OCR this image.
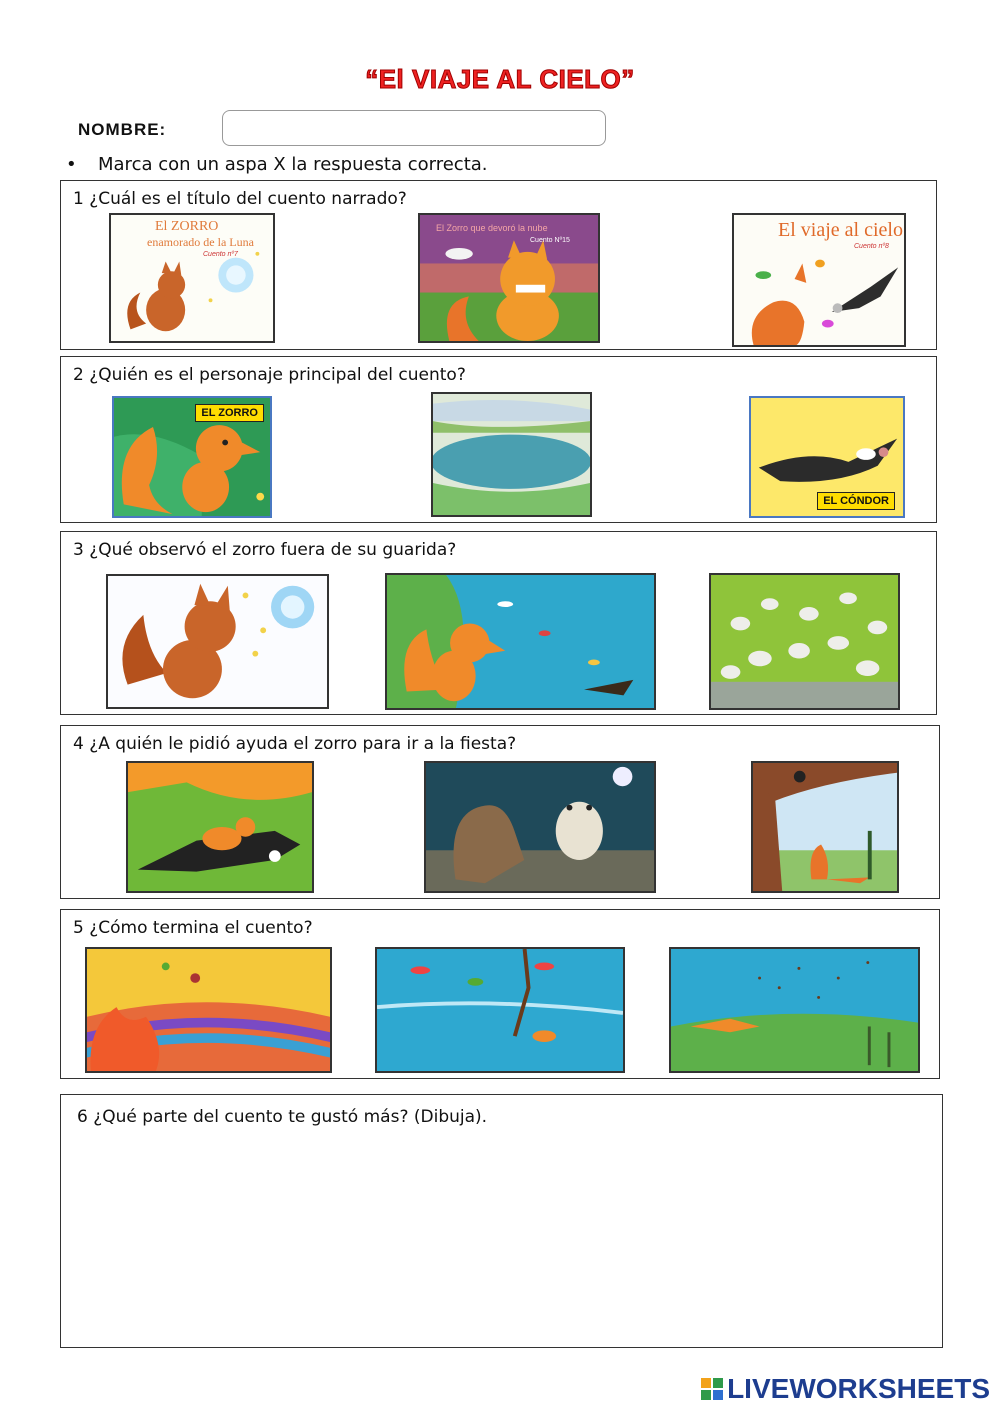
“El VIAJE AL CIELO”
NOMBRE:
• Marca con un aspa X la respuesta correcta.
1 ¿Cuál es el título del cuento narrado?
El ZORRO
enamorado de la Luna
Cuento nº7
El Zorro que devoró la nube
Cuento Nº15	El viaje al cielo
Cuento nº8
2 ¿Quién es el personaje principal del cuento?
EL ZORRO
EL CÓNDOR
3 ¿Qué observó el zorro fuera de su guarida?
4 ¿A quién le pidió ayuda el zorro para ir a la fiesta?
5 ¿Cómo termina el cuento?
6 ¿Qué parte del cuento te gustó más? (Dibuja).
LIVEWORKSHEETS
